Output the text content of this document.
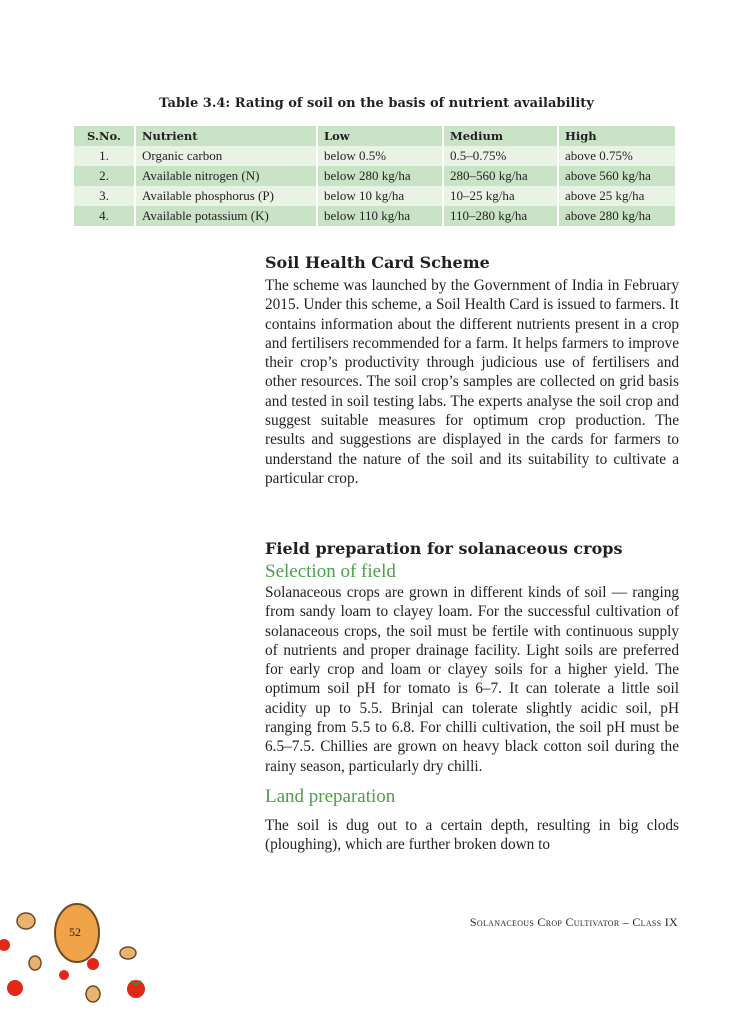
Table 3.4: Rating of soil on the basis of nutrient availability
S.No.	Nutrient	Low	Medium	High
1.	Organic carbon	below 0.5%	0.5–0.75%	above 0.75%
2.	Available nitrogen (N)	below 280 kg/ha	280–560 kg/ha	above 560 kg/ha
3.	Available phosphorus (P)	below 10 kg/ha	10–25 kg/ha	above 25 kg/ha
4.	Available potassium (K)	below 110 kg/ha	110–280 kg/ha	above 280 kg/ha
Soil Health Card Scheme

The scheme was launched by the Government of India in February 2015. Under this scheme, a Soil Health Card is issued to farmers. It contains information about the different nutrients present in a crop and fertilisers recommended for a farm. It helps farmers to improve their crop’s productivity through judicious use of fertilisers and other resources. The soil crop’s samples are collected on grid basis and tested in soil testing labs. The experts analyse the soil crop and suggest suitable measures for optimum crop production. The results and suggestions are displayed in the cards for farmers to understand the nature of the soil and its suitability to cultivate a particular crop.

Field preparation for solanaceous crops
Selection of field

Solanaceous crops are grown in different kinds of soil — ranging from sandy loam to clayey loam. For the successful cultivation of solanaceous crops, the soil must be fertile with continuous supply of nutrients and proper drainage facility. Light soils are preferred for early crop and loam or clayey soils for a higher yield. The optimum soil pH for tomato is 6–7. It can tolerate a little soil acidity up to 5.5. Brinjal can tolerate slightly acidic soil, pH ranging from 5.5 to 6.8. For chilli cultivation, the soil pH must be 6.5–7.5. Chillies are grown on heavy black cotton soil during the rainy season, particularly dry chilli.

Land preparation

The soil is dug out to a certain depth, resulting in big clods (ploughing), which are further broken down to

Solanaceous Crop Cultivator – Class IX
52
